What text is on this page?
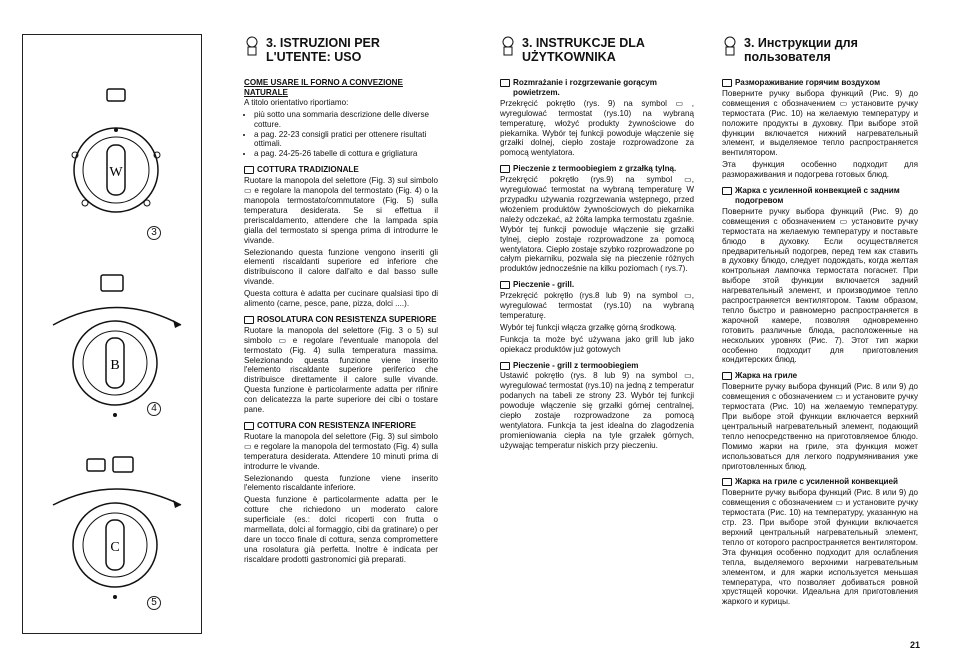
W
B
C
3
4
5
3. ISTRUZIONI PER L'UTENTE: USO
COME USARE IL FORNO A CONVEZIONE NATURALE

A titolo orientativo riportiamo:

• più sotto una sommaria descrizione delle diverse cotture.
• a pag. 22-23 consigli pratici per ottenere risultati ottimali.
• a pag. 24-25-26 tabelle di cottura e grigliatura
COTTURA TRADIZIONALE

Ruotare la manopola del selettore (Fig. 3) sul simbolo ▭ e regolare la manopola del termostato (Fig. 4) o la manopola termostato/commutatore (Fig. 5) sulla temperatura desiderata. Se si effettua il preriscaldamento, attendere che la lampada spia gialla del termostato si spenga prima di introdurre le vivande.

Selezionando questa funzione vengono inseriti gli elementi riscaldanti superiore ed inferiore che distribuiscono il calore dall'alto e dal basso sulle vivande.

Questa cottura è adatta per cucinare qualsiasi tipo di alimento (carne, pesce, pane, pizza, dolci ....).

ROSOLATURA CON RESISTENZA SUPERIORE

Ruotare la manopola del selettore (Fig. 3 o 5) sul simbolo ▭ e regolare l'eventuale manopola del termostato (Fig. 4) sulla temperatura massima. Selezionando questa funzione viene inserito l'elemento riscaldante superiore periferico che distribuisce direttamente il calore sulle vivande. Questa funzione è particolarmente adatta per rifinire con delicatezza la parte superiore dei cibi o tostare pane.

COTTURA CON RESISTENZA INFERIORE

Ruotare la manopola del selettore (Fig. 3) sul simbolo ▭ e regolare la manopola del termostato (Fig. 4) sulla temperatura desiderata. Attendere 10 minuti prima di introdurre le vivande.

Selezionando questa funzione viene inserito l'elemento riscaldante inferiore.

Questa funzione è particolarmente adatta per le cotture che richiedono un moderato calore superficiale (es.: dolci ricoperti con frutta o marmellata, dolci al formaggio, cibi da gratinare) o per dare un tocco finale di cottura, senza compromettere una rosolatura già perfetta. Inoltre è indicata per riscaldare prodotti gastronomici già preparati.

3. INSTRUKCJE DLA UŻYTKOWNIKA
Rozmrażanie i rozgrzewanie gorącym powietrzem.

Przekręcić pokrętło (rys. 9) na symbol ▭ , wyregulować termostat (rys.10) na wybraną temperaturę, włożyć produkty żywnościowe do piekarnika. Wybór tej funkcji powoduje włączenie się grzałki dolnej, ciepło zostaje rozprowadzone za pomocą wentylatora.

Pieczenie z termoobiegiem z grzałką tylną.

Przekręcić pokrętło (rys.9) na symbol ▭, wyregulować termostat na wybraną temperaturę W przypadku używania rozgrzewania wstępnego, przed włożeniem produktów żywnościowych do piekarnika należy odczekać, aż żółta lampka termostatu zgaśnie. Wybór tej funkcji powoduje włączenie się grzałki tylnej, ciepło zostaje rozprowadzone za pomocą wentylatora. Ciepło zostaje szybko rozprowadzone po całym piekarniku, pozwala się na pieczenie różnych produktów jednocześnie na kilku poziomach ( rys.7).

Pieczenie - grill.

Przekręcić pokrętło (rys.8 lub 9) na symbol ▭, wyregulować termostat (rys.10) na wybraną temperaturę.

Wybór tej funkcji włącza grzałkę górną środkową.

Funkcja ta może być używana jako grill lub jako opiekacz produktów już gotowych

Pieczenie - grill z termoobiegiem

Ustawić pokrętło (rys. 8 lub 9) na symbol ▭, wyregulować termostat (rys.10) na jedną z temperatur podanych na tabeli ze strony 23. Wybór tej funkcji powoduje włączenie się grzałki górnej centralnej, ciepło zostaje rozprowadzone za pomocą wentylatora. Funkcja ta jest idealna do zlagodzenia promieniowania ciepła na tyle grzałek górnych, używając temperatur niskich przy pieczeniu.

3. Инструкции для пользователя
Размораживание горячим воздухом

Поверните ручку выбора функций (Рис. 9) до совмещения с обозначением ▭ установите ручку термостата (Рис. 10) на желаемую температуру и положите продукты в духовку. При выборе этой функции включается нижний нагревательный элемент, и выделяемое тепло распространяется вентилятором.

Эта функция особенно подходит для размораживания и подогрева готовых блюд.

Жарка с усиленной конвекцией с задним подогревом

Поверните ручку выбора функций (Рис. 9) до совмещения с обозначением ▭ установите ручку термостата на желаемую температуру и поставьте блюдо в духовку. Если осуществляется предварительный подогрев, перед тем как ставить в духовку блюдо, следует подождать, когда желтая контрольная лампочка термостата погаснет. При выборе этой функции включается задний нагревательный элемент, и производимое тепло распространяется вентилятором. Таким образом, тепло быстро и равномерно распространяется в жарочной камере, позволяя одновременно готовить различные блюда, расположенные на нескольких уровнях (Рис. 7). Этот тип жарки особенно подходит для приготовления кондитерских блюд.

Жарка на гриле

Поверните ручку выбора функций (Рис. 8 или 9) до совмещения с обозначением ▭ и установите ручку термостата (Рис. 10) на желаемую температуру. При выборе этой функции включается верхний центральный нагревательный элемент, подающий тепло непосредственно на приготовляемое блюдо. Помимо жарки на гриле, эта функция может использоваться для легкого подрумянивания уже приготовленных блюд.

Жарка на гриле с усиленной конвекцией

Поверните ручку выбора функций (Рис. 8 или 9) до совмещения с обозначением ▭ и установите ручку термостата (Рис. 10) на температуру, указанную на стр. 23. При выборе этой функции включается верхний центральный нагревательный элемент, тепло от которого распространяется вентилятором. Эта функция особенно подходит для ослабления тепла, выделяемого верхними нагревательным элементом, и для жарки используется меньшая температура, что позволяет добиваться ровной хрустящей корочки. Идеальна для приготовления жаркого и курицы.

21
